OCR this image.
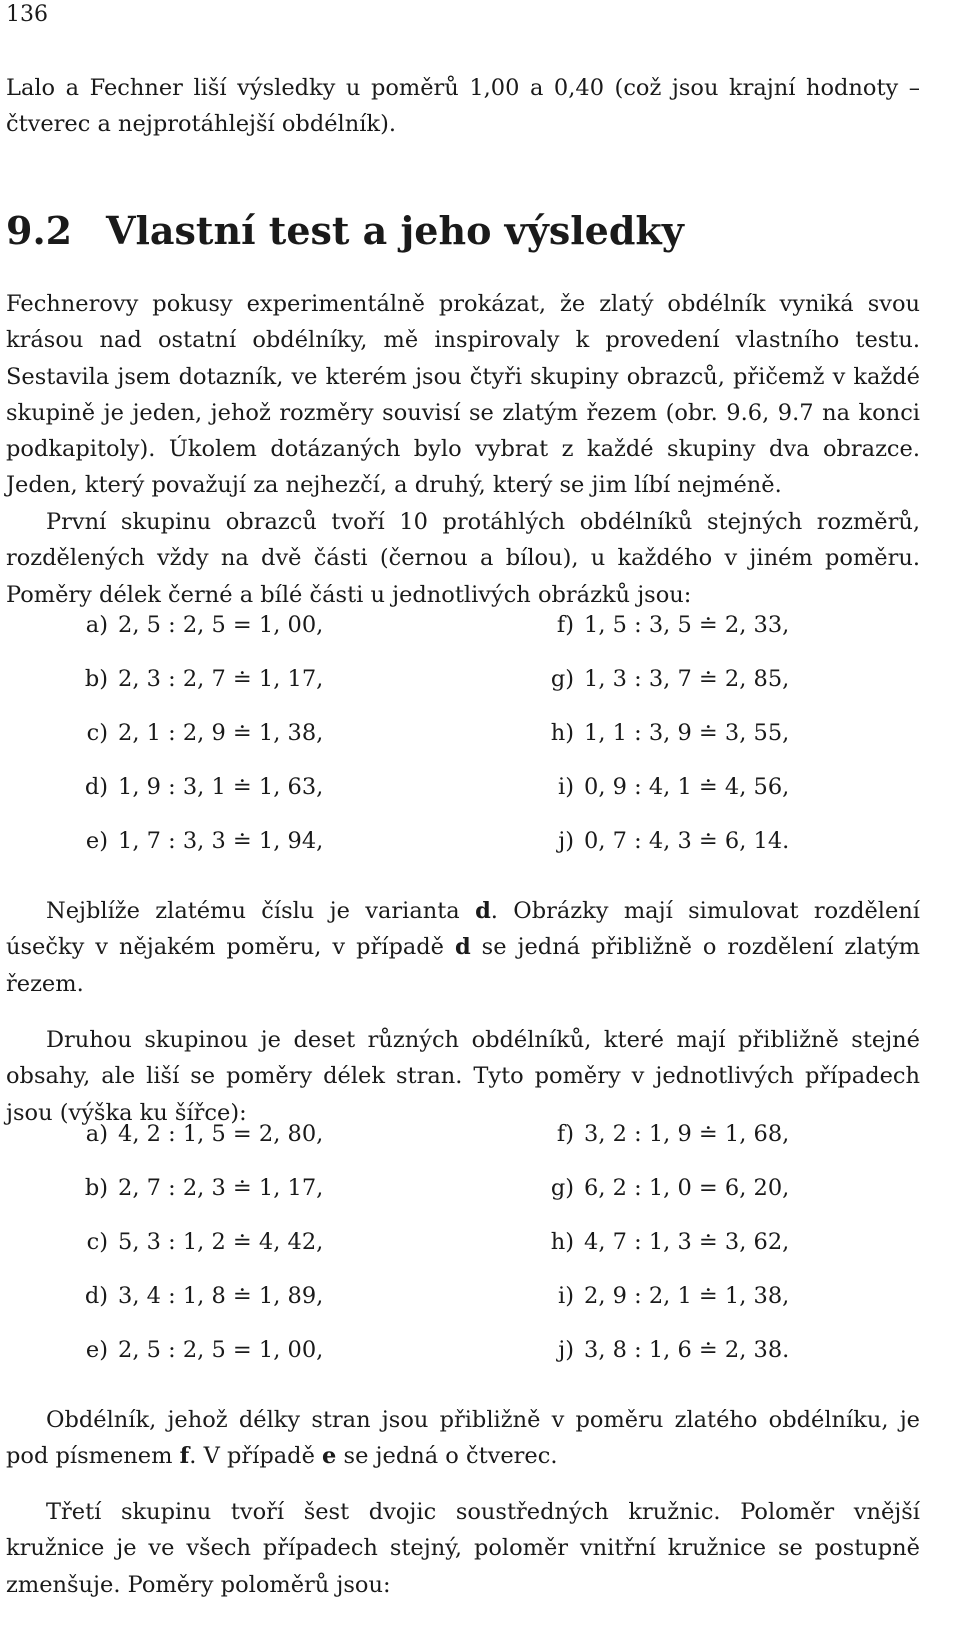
136

Lalo a Fechner liší výsledky u poměrů 1,00 a 0,40 (což jsou krajní hodnoty – čtverec a nejprotáhlejší obdélník).

9.2 Vlastní test a jeho výsledky

Fechnerovy pokusy experimentálně prokázat, že zlatý obdélník vyniká svou krásou nad ostatní obdélníky, mě inspirovaly k provedení vlastního testu. Sestavila jsem dotazník, ve kterém jsou čtyři skupiny obrazců, přičemž v každé skupině je jeden, jehož rozměry souvisí se zlatým řezem (obr. 9.6, 9.7 na konci podkapitoly). Úkolem dotázaných bylo vybrat z každé skupiny dva obrazce. Jeden, který považují za nejhezčí, a druhý, který se jim líbí nejméně.

První skupinu obrazců tvoří 10 protáhlých obdélníků stejných rozměrů, rozdělených vždy na dvě části (černou a bílou), u každého v jiném poměru. Poměry délek černé a bílé části u jednotlivých obrázků jsou:

a) 2, 5 : 2, 5 = 1, 00,	f) 1, 5 : 3, 5 ≐ 2, 33,
b) 2, 3 : 2, 7 ≐ 1, 17,	g) 1, 3 : 3, 7 ≐ 2, 85,
c) 2, 1 : 2, 9 ≐ 1, 38,	h) 1, 1 : 3, 9 ≐ 3, 55,
d) 1, 9 : 3, 1 ≐ 1, 63,	i) 0, 9 : 4, 1 ≐ 4, 56,
e) 1, 7 : 3, 3 ≐ 1, 94,	j) 0, 7 : 4, 3 ≐ 6, 14.

Nejblíže zlatému číslu je varianta d. Obrázky mají simulovat rozdělení úsečky v nějakém poměru, v případě d se jedná přibližně o rozdělení zlatým řezem.

Druhou skupinou je deset různých obdélníků, které mají přibližně stejné obsahy, ale liší se poměry délek stran. Tyto poměry v jednotlivých případech jsou (výška ku šířce):

a) 4, 2 : 1, 5 = 2, 80,	f) 3, 2 : 1, 9 ≐ 1, 68,
b) 2, 7 : 2, 3 ≐ 1, 17,	g) 6, 2 : 1, 0 = 6, 20,
c) 5, 3 : 1, 2 ≐ 4, 42,	h) 4, 7 : 1, 3 ≐ 3, 62,
d) 3, 4 : 1, 8 ≐ 1, 89,	i) 2, 9 : 2, 1 ≐ 1, 38,
e) 2, 5 : 2, 5 = 1, 00,	j) 3, 8 : 1, 6 ≐ 2, 38.

Obdélník, jehož délky stran jsou přibližně v poměru zlatého obdélníku, je pod písmenem f. V případě e se jedná o čtverec.

Třetí skupinu tvoří šest dvojic soustředných kružnic. Poloměr vnější kružnice je ve všech případech stejný, poloměr vnitřní kružnice se postupně zmenšuje. Poměry poloměrů jsou:
